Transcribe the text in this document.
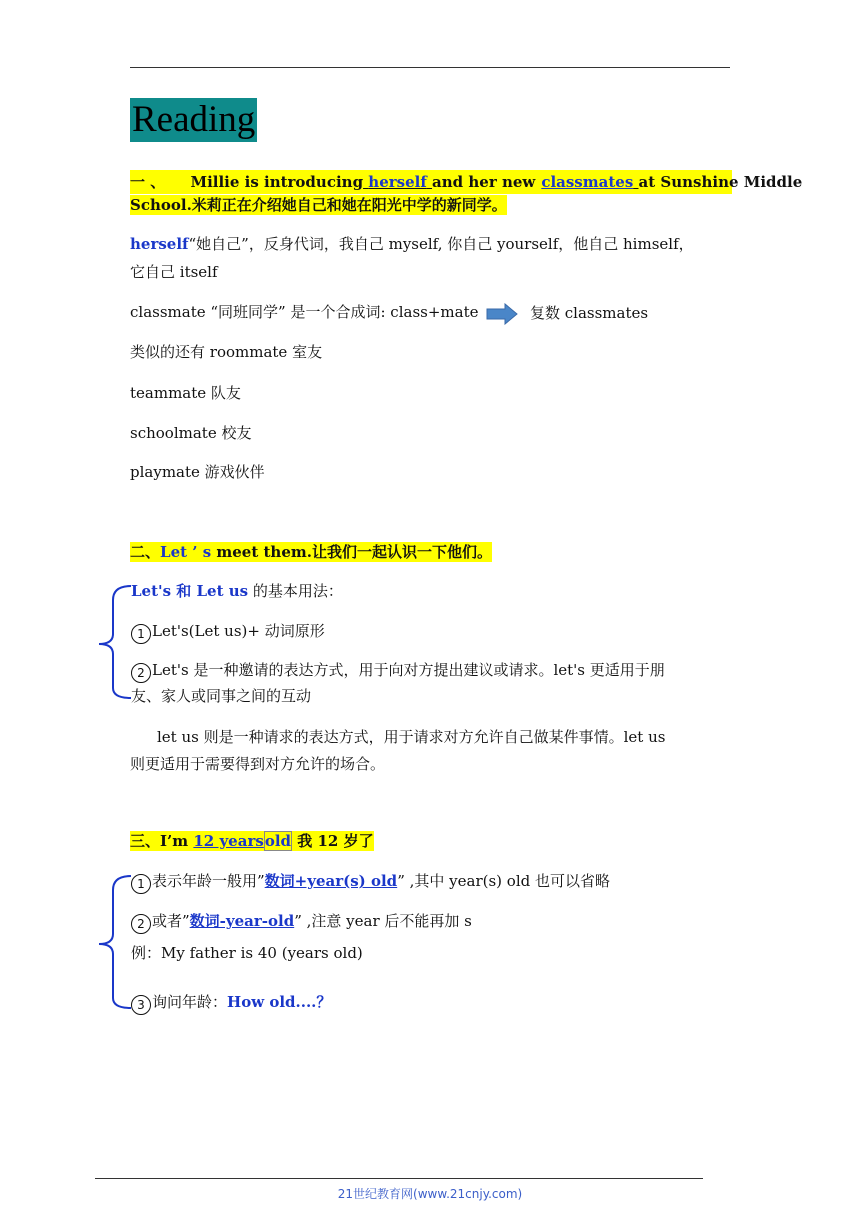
Reading
一 、 Millie is introducing herself and her new classmates at Sunshine Middle
School.米莉正在介绍她自己和她在阳光中学的新同学。
herself“她自己”，反身代词，我自己 myself, 你自己 yourself，他自己 himself，
它自己 itself
classmate “同班同学” 是一个合成词: class+mate	复数 classmates
类似的还有 roommate 室友
teammate 队友
schoolmate 校友
playmate 游戏伙伴
二、Let ’ s meet them.让我们一起认识一下他们。
Let's 和 Let us 的基本用法：
1 Let's(Let us)+ 动词原形
2 Let's 是一种邀请的表达方式，用于向对方提出建议或请求。let's 更适用于朋
友、家人或同事之间的互动
let us 则是一种请求的表达方式，用于请求对方允许自己做某件事情。let us
则更适用于需要得到对方允许的场合。
三、I’m 12 yearsold 我 12 岁了
1 表示年龄一般用”数词+year(s) old” ,其中 year(s) old 也可以省略
2 或者”数词-year-old” ,注意 year 后不能再加 s
例：My father is 40 (years old)
3 询问年龄：How old....？
21世纪教育网(www.21cnjy.com)
